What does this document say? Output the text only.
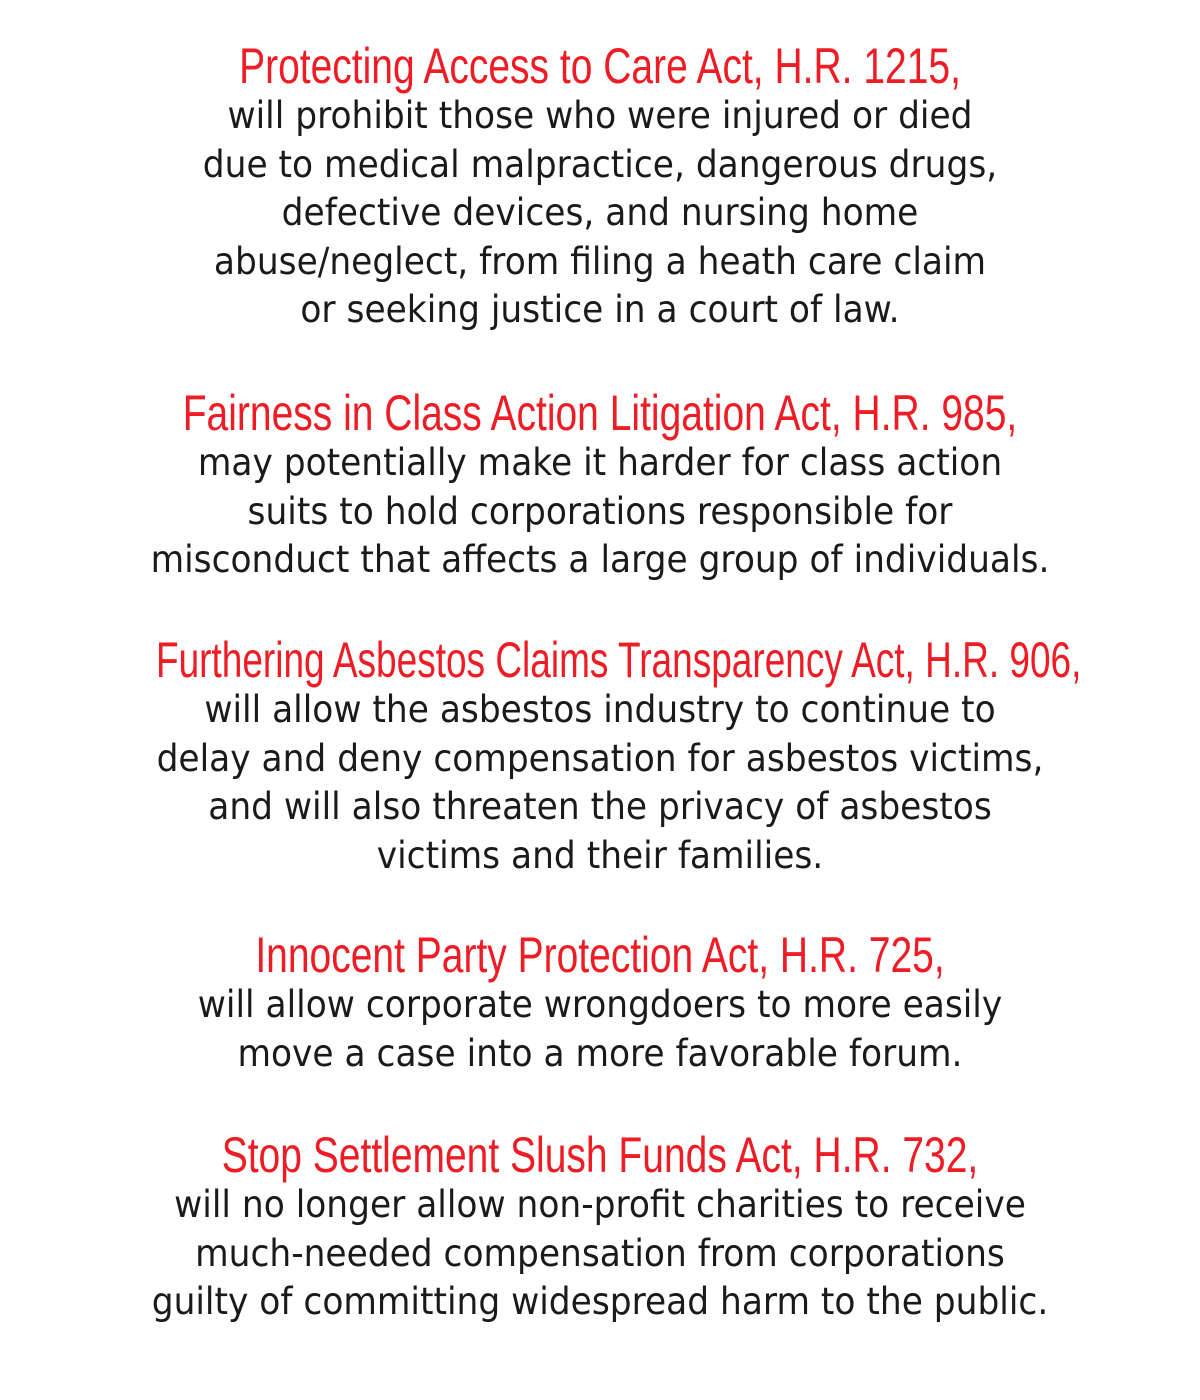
Protecting Access to Care Act, H.R. 1215,
will prohibit those who were injured or died
due to medical malpractice, dangerous drugs,
defective devices, and nursing home
abuse/neglect, from filing a heath care claim
or seeking justice in a court of law.
Fairness in Class Action Litigation Act, H.R. 985,
may potentially make it harder for class action
suits to hold corporations responsible for
misconduct that affects a large group of individuals.
Furthering Asbestos Claims Transparency Act, H.R. 906,
will allow the asbestos industry to continue to
delay and deny compensation for asbestos victims,
and will also threaten the privacy of asbestos
victims and their families.
Innocent Party Protection Act, H.R. 725,
will allow corporate wrongdoers to more easily
move a case into a more favorable forum.
Stop Settlement Slush Funds Act, H.R. 732,
will no longer allow non-profit charities to receive
much-needed compensation from corporations
guilty of committing widespread harm to the public.
